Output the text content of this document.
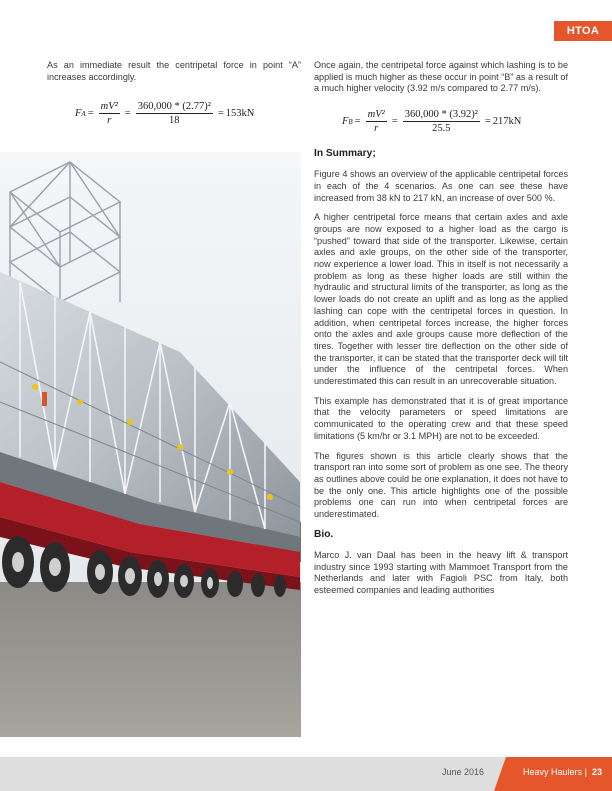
HTOA

As an immediate result the centripetal force in point “A” increases accordingly.

F $A = \frac{\text{mV²}}{r} = \frac{\text{360,000 * (2.77)²}}{18} = 153kN$

Once again, the centripetal force against which lashing is to be applied is much higher as these occur in point “B” as a result of a much higher velocity (3.92 m/s compared to 2.77 m/s).

F $B = \frac{\text{mV²}}{r} = \frac{\text{360,000 * (3.92)²}}{25.5} = 217kN$
In Summary;

Figure 4 shows an overview of the applicable centripetal forces in each of the 4 scenarios. As one can see these have increased from 38 kN to 217 kN, an increase of over 500 %.

A higher centripetal force means that certain axles and axle groups are now exposed to a higher load as the cargo is “pushed” toward that side of the transporter. Likewise, certain axles and axle groups, on the other side of the transporter, now experience a lower load. This in itself is not necessarily a problem as long as these higher loads are still within the hydraulic and structural limits of the transporter, as long as the lower loads do not create an uplift and as long as the applied lashing can cope with the centripetal forces in question. In addition, when centripetal forces increase, the higher forces onto the axles and axle groups cause more deflection of the tires. Together with lesser tire deflection on the other side of the transporter, it can be stated that the transporter deck will tilt under the influence of the centripetal forces. When underestimated this can result in an unrecoverable situation.

This example has demonstrated that it is of great importance that the velocity parameters or speed limitations are communicated to the operating crew and that these speed limitations (5 km/hr or 3.1 MPH) are not to be exceeded.

The figures shown is this article clearly shows that the transport ran into some sort of problem as one see. The theory as outlines above could be one explanation, it does not have to be the only one. This article highlights one of the possible problems one can run into when centripetal forces are underestimated.

Bio.

Marco J. van Daal has been in the heavy lift & transport industry since 1993 starting with Mammoet Transport from the Netherlands and later with Fagioli PSC from Italy, both esteemed companies and leading authorities

June 2016	Heavy Haulers | 23
